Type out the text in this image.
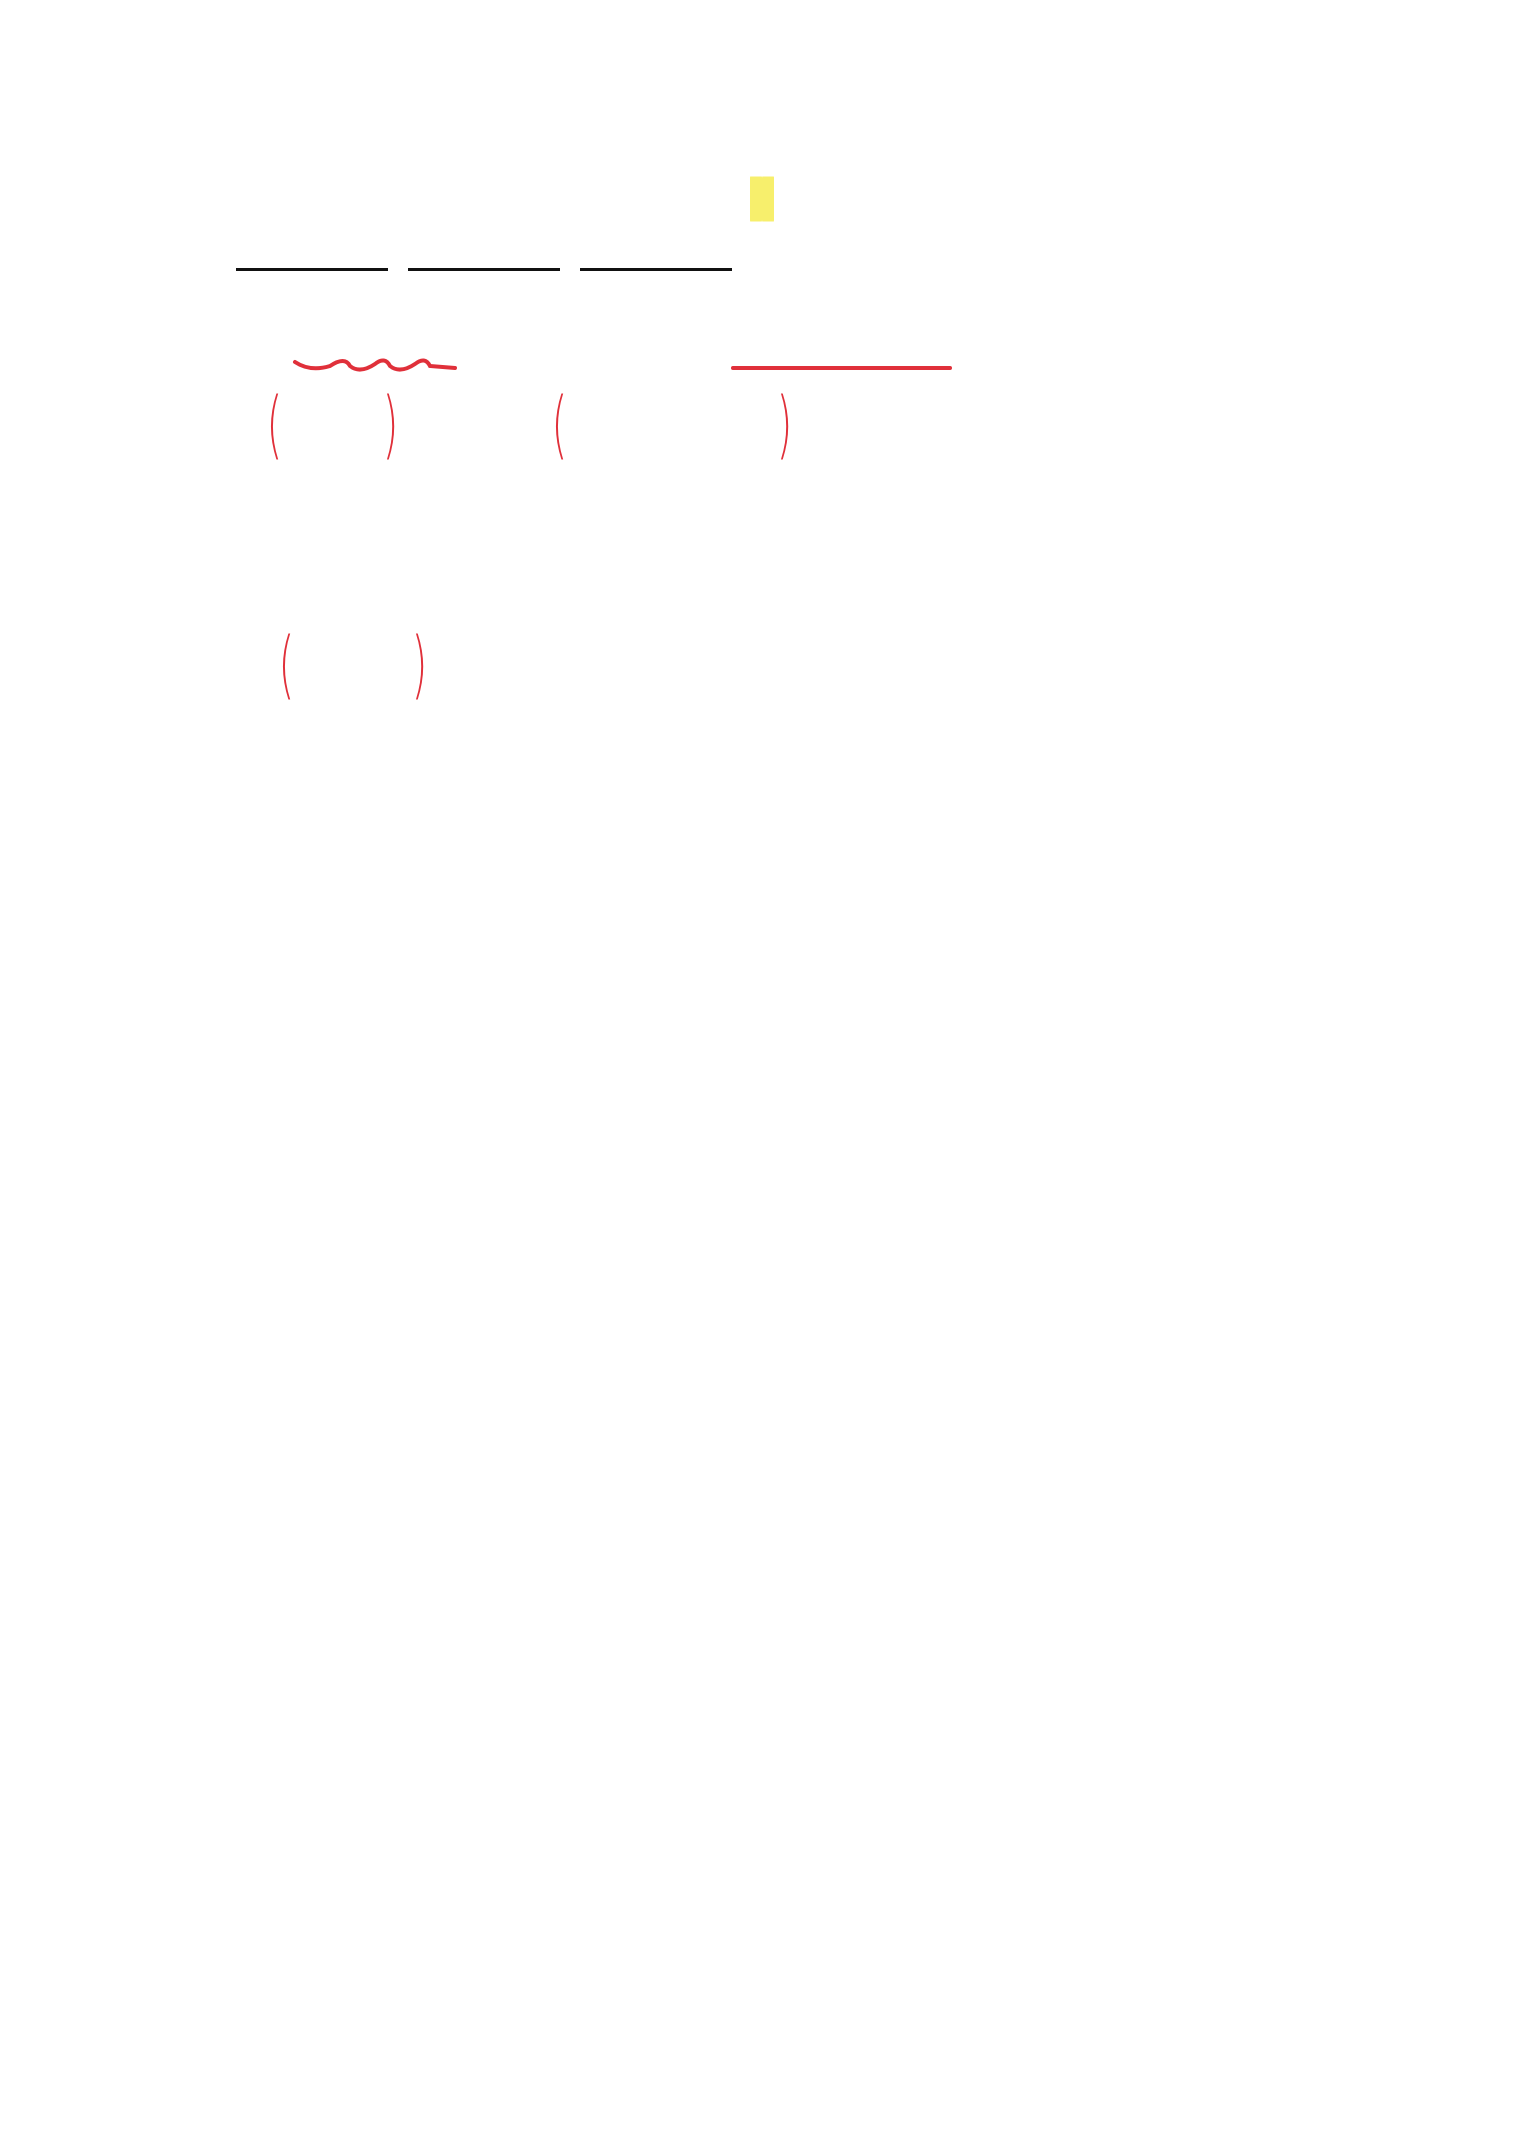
( ) (	)
( )
